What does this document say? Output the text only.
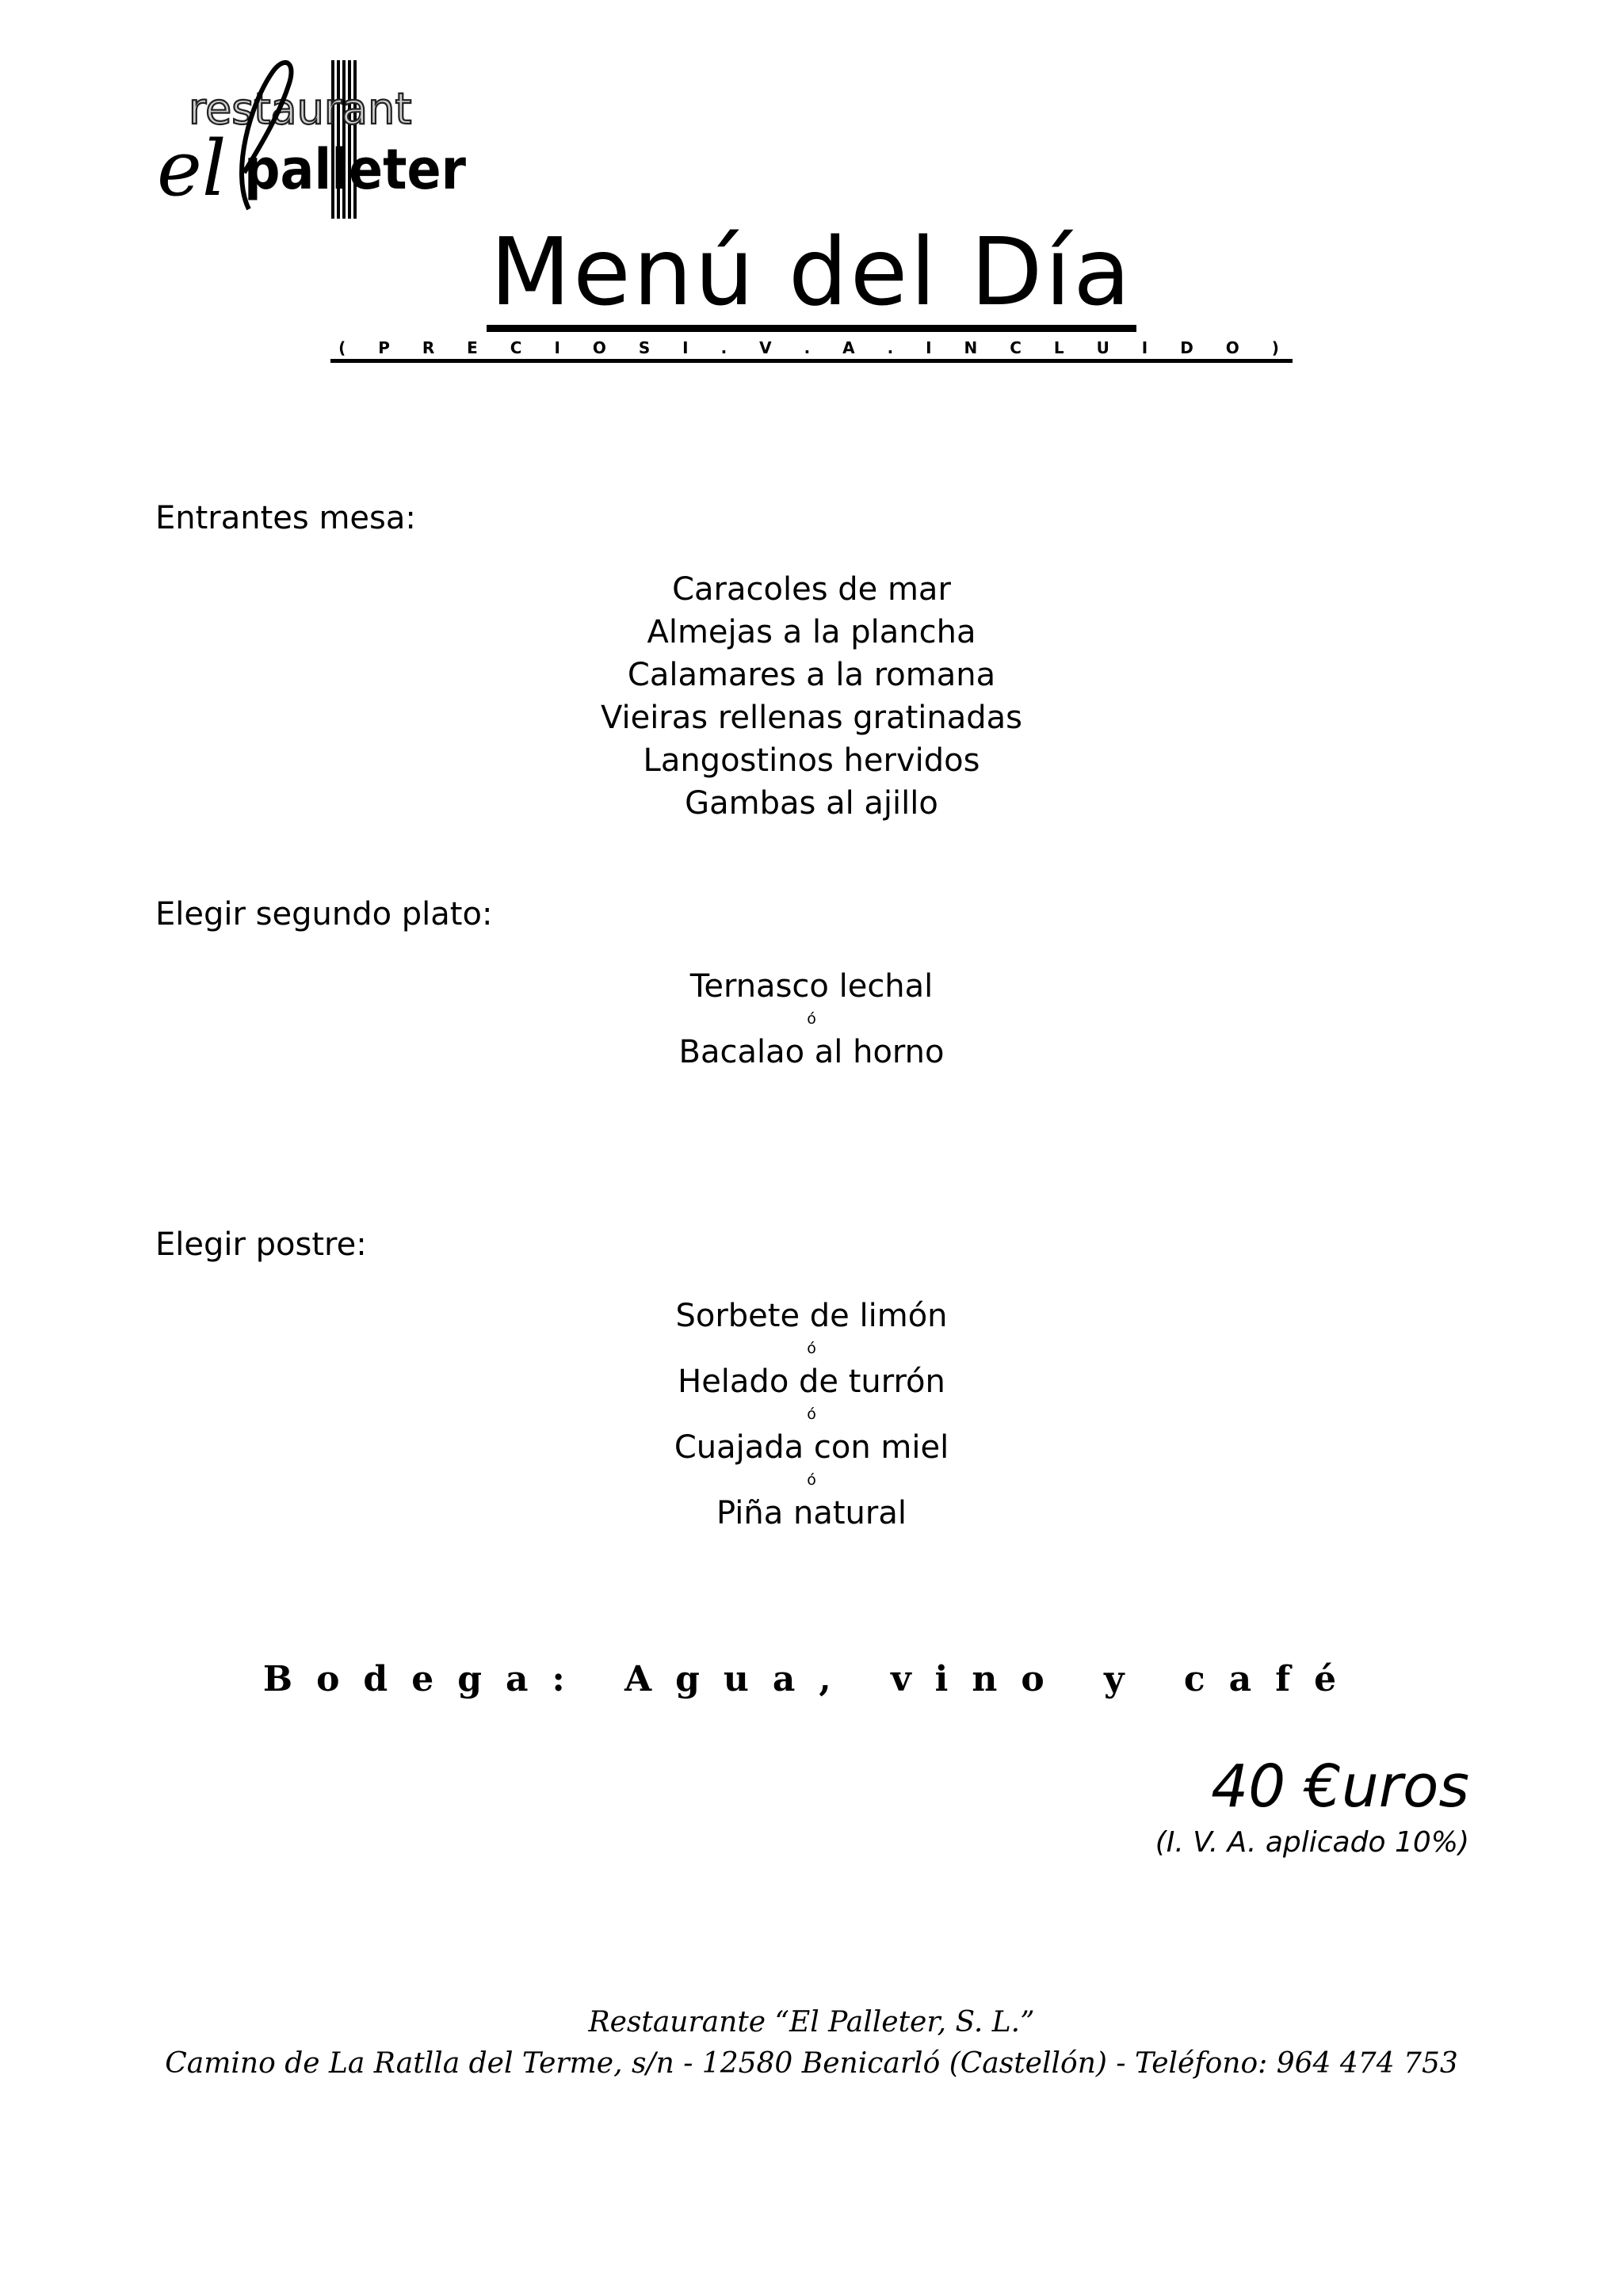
restaurant
el palleter
Menú del Día
( P R E C I O S I . V . A . I N C L U I D O )
Entrantes mesa:
Caracoles de mar
Almejas a la plancha
Calamares a la romana
Vieiras rellenas gratinadas
Langostinos hervidos
Gambas al ajillo
Elegir segundo plato:
Ternasco lechal
ó
Bacalao al horno
Elegir postre:
Sorbete de limón
ó
Helado de turrón
ó
Cuajada con miel
ó
Piña natural
Bodega: Agua, vino y café
40 €uros
(I. V. A. aplicado 10%)
Restaurante “El Palleter, S. L.”
Camino de La Ratlla del Terme, s/n - 12580 Benicarló (Castellón) - Teléfono: 964 474 753
